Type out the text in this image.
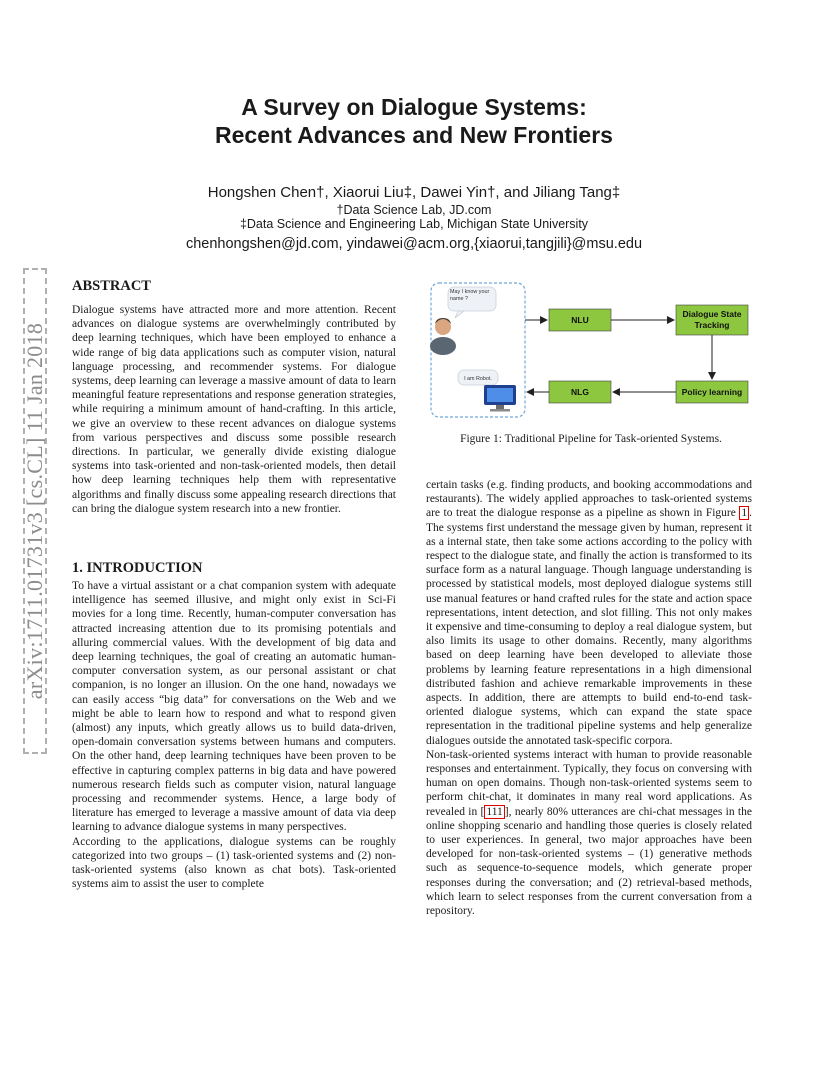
A Survey on Dialogue Systems:
Recent Advances and New Frontiers
Hongshen Chen†, Xiaorui Liu‡, Dawei Yin†, and Jiliang Tang‡
†Data Science Lab, JD.com
‡Data Science and Engineering Lab, Michigan State University
chenhongshen@jd.com, yindawei@acm.org,{xiaorui,tangjili}@msu.edu
arXiv:1711.01731v3 [cs.CL] 11 Jan 2018
ABSTRACT

Dialogue systems have attracted more and more attention. Recent advances on dialogue systems are overwhelmingly contributed by deep learning techniques, which have been employed to enhance a wide range of big data applications such as computer vision, natural language processing, and recommender systems. For dialogue systems, deep learning can leverage a massive amount of data to learn meaningful feature representations and response generation strategies, while requiring a minimum amount of hand-crafting. In this article, we give an overview to these recent advances on dialogue systems from various perspectives and discuss some possible research directions. In particular, we generally divide existing dialogue systems into task-oriented and non-task-oriented models, then detail how deep learning techniques help them with representative algorithms and finally discuss some appealing research directions that can bring the dialogue system research into a new frontier.

1. INTRODUCTION

To have a virtual assistant or a chat companion system with adequate intelligence has seemed illusive, and might only exist in Sci-Fi movies for a long time. Recently, human-computer conversation has attracted increasing attention due to its promising potentials and alluring commercial values. With the development of big data and deep learning techniques, the goal of creating an automatic human-computer conversation system, as our personal assistant or chat companion, is no longer an illusion. On the one hand, nowadays we can easily access “big data” for conversations on the Web and we might be able to learn how to respond and what to respond given (almost) any inputs, which greatly allows us to build data-driven, open-domain conversation systems between humans and computers. On the other hand, deep learning techniques have been proven to be effective in capturing complex patterns in big data and have powered numerous research fields such as computer vision, natural language processing and recommender systems. Hence, a large body of literature has emerged to leverage a massive amount of data via deep learning to advance dialogue systems in many perspectives.

According to the applications, dialogue systems can be roughly categorized into two groups – (1) task-oriented systems and (2) non-task-oriented systems (also known as chat bots). Task-oriented systems aim to assist the user to complete

May I know your name ?
I am Robot.
NLU
Dialogue State Tracking
NLG	Policy learning
Figure 1: Traditional Pipeline for Task-oriented Systems.

certain tasks (e.g. finding products, and booking accommodations and restaurants). The widely applied approaches to task-oriented systems are to treat the dialogue response as a pipeline as shown in Figure 1 . The systems first understand the message given by human, represent it as a internal state, then take some actions according to the policy with respect to the dialogue state, and finally the action is transformed to its surface form as a natural language. Though language understanding is processed by statistical models, most deployed dialogue systems still use manual features or hand crafted rules for the state and action space representations, intent detection, and slot filling. This not only makes it expensive and time-consuming to deploy a real dialogue system, but also limits its usage to other domains. Recently, many algorithms based on deep learning have been developed to alleviate those problems by learning feature representations in a high dimensional distributed fashion and achieve remarkable improvements in these aspects. In addition, there are attempts to build end-to-end task-oriented dialogue systems, which can expand the state space representation in the traditional pipeline systems and help generalize dialogues outside the annotated task-specific corpora.

Non-task-oriented systems interact with human to provide reasonable responses and entertainment. Typically, they focus on conversing with human on open domains. Though non-task-oriented systems seem to perform chit-chat, it dominates in many real word applications. As revealed in [ 111 ], nearly 80% utterances are chi-chat messages in the online shopping scenario and handling those queries is closely related to user experiences. In general, two major approaches have been developed for non-task-oriented systems – (1) generative methods such as sequence-to-sequence models, which generate proper responses during the conversation; and (2) retrieval-based methods, which learn to select responses from the current conversation from a repository.
